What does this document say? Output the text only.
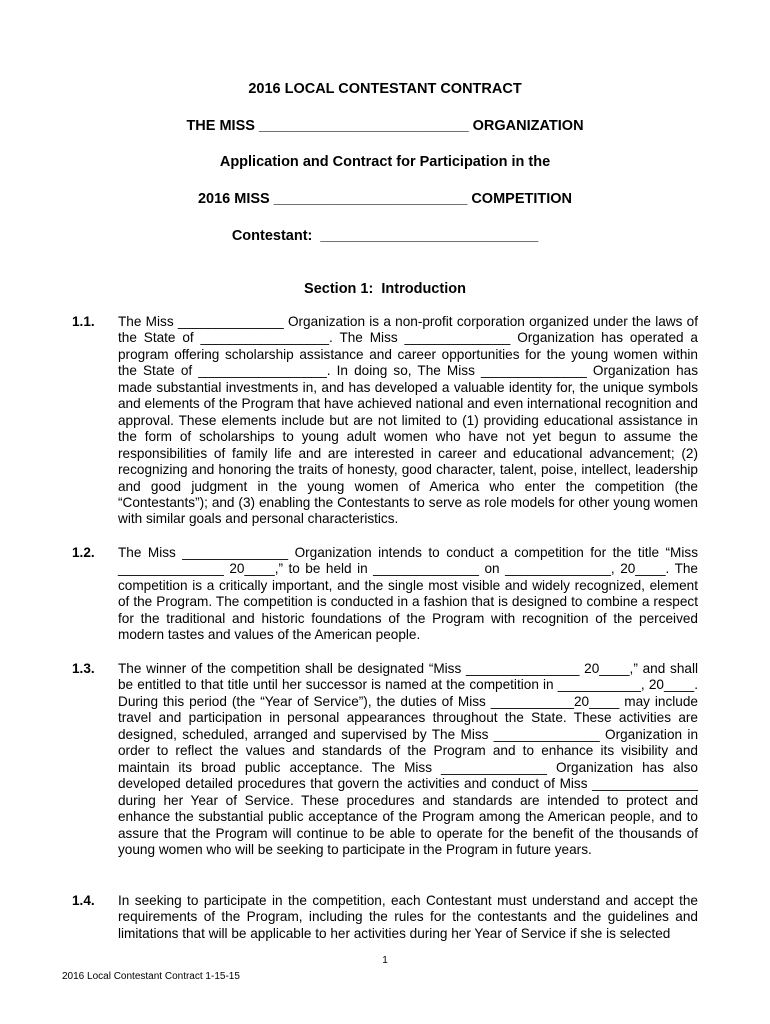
2016 LOCAL CONTESTANT CONTRACT
THE MISS __________________________ ORGANIZATION
Application and Contract for Participation in the
2016 MISS ________________________ COMPETITION
Contestant:  ___________________________
Section 1:  Introduction
1.1. The Miss ______________ Organization is a non-profit corporation organized under the laws of the State of _________________. The Miss ______________ Organization has operated a program offering scholarship assistance and career opportunities for the young women within the State of _________________. In doing so, The Miss ______________ Organization has made substantial investments in, and has developed a valuable identity for, the unique symbols and elements of the Program that have achieved national and even international recognition and approval. These elements include but are not limited to (1) providing educational assistance in the form of scholarships to young adult women who have not yet begun to assume the responsibilities of family life and are interested in career and educational advancement; (2) recognizing and honoring the traits of honesty, good character, talent, poise, intellect, leadership and good judgment in the young women of America who enter the competition (the “Contestants”); and (3) enabling the Contestants to serve as role models for other young women with similar goals and personal characteristics.
1.2. The Miss ______________ Organization intends to conduct a competition for the title “Miss ______________ 20____,” to be held in ______________ on ______________, 20____. The competition is a critically important, and the single most visible and widely recognized, element of the Program. The competition is conducted in a fashion that is designed to combine a respect for the traditional and historic foundations of the Program with recognition of the perceived modern tastes and values of the American people.
1.3. The winner of the competition shall be designated “Miss _______________ 20____,” and shall be entitled to that title until her successor is named at the competition in ___________, 20____. During this period (the “Year of Service”), the duties of Miss ___________20____ may include travel and participation in personal appearances throughout the State. These activities are designed, scheduled, arranged and supervised by The Miss ______________ Organization in order to reflect the values and standards of the Program and to enhance its visibility and maintain its broad public acceptance. The Miss ______________ Organization has also developed detailed procedures that govern the activities and conduct of Miss ______________ during her Year of Service. These procedures and standards are intended to protect and enhance the substantial public acceptance of the Program among the American people, and to assure that the Program will continue to be able to operate for the benefit of the thousands of young women who will be seeking to participate in the Program in future years.
1.4. In seeking to participate in the competition, each Contestant must understand and accept the requirements of the Program, including the rules for the contestants and the guidelines and limitations that will be applicable to her activities during her Year of Service if she is selected
1
2016 Local Contestant Contract 1-15-15
